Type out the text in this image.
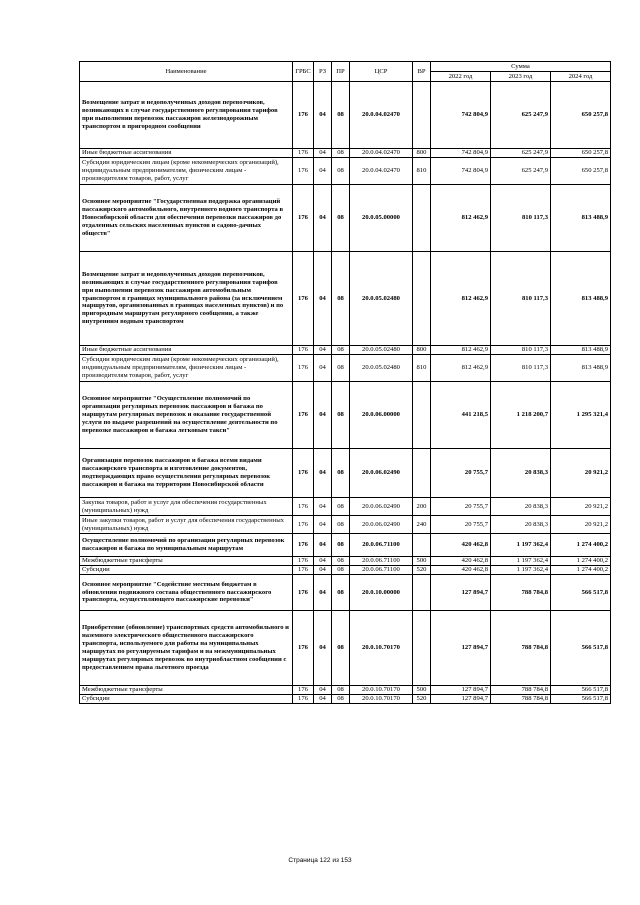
Наименование	ГРБС	РЗ	ПР	ЦСР	ВР	Сумма		
						2022 год	2023 год	2024 год
Возмещение затрат и недополученных доходов перевозчиков, возникающих в случае государственного регулирования тарифов при выполнении перевозок пассажиров железнодорожным транспортом в пригородном сообщении	176	04	08	20.0.04.02470		742 804,9	625 247,9	650 257,8
Иные бюджетные ассигнования	176	04	08	20.0.04.02470	800	742 804,9	625 247,9	650 257,8
Субсидии юридическим лицам (кроме некоммерческих организаций), индивидуальным предпринимателям, физическим лицам - производителям товаров, работ, услуг	176	04	08	20.0.04.02470	810	742 804,9	625 247,9	650 257,8
Основное мероприятие "Государственная поддержка организаций пассажирского автомобильного, внутреннего водного транспорта в Новосибирской области для обеспечения перевозки пассажиров до отдаленных сельских населенных пунктов и садово-дачных обществ"	176	04	08	20.0.05.00000		812 462,9	810 117,3	813 488,9
Возмещение затрат и недополученных доходов перевозчиков, возникающих в случае государственного регулирования тарифов при выполнении перевозок пассажиров автомобильным транспортом в границах муниципального района (за исключением маршрутов, организованных в границах населенных пунктов) и по пригородным маршрутам регулярного сообщения, а также внутренним водным транспортом	176	04	08	20.0.05.02480		812 462,9	810 117,3	813 488,9
Иные бюджетные ассигнования	176	04	08	20.0.05.02480	800	812 462,9	810 117,3	813 488,9
Субсидии юридическим лицам (кроме некоммерческих организаций), индивидуальным предпринимателям, физическим лицам - производителям товаров, работ, услуг	176	04	08	20.0.05.02480	810	812 462,9	810 117,3	813 488,9
Основное мероприятие "Осуществление полномочий по организации регулярных перевозок пассажиров и багажа по маршрутам регулярных перевозок и оказание государственной услуги по выдаче разрешений на осуществление деятельности по перевозке пассажиров и багажа легковым такси"	176	04	08	20.0.06.00000		441 218,5	1 218 200,7	1 295 321,4
Организация перевозок пассажиров и багажа всеми видами пассажирского транспорта и изготовление документов, подтверждающих право осуществления регулярных перевозок пассажиров и багажа на территории Новосибирской области	176	04	08	20.0.06.02490		20 755,7	20 838,3	20 921,2
Закупка товаров, работ и услуг для обеспечения государственных (муниципальных) нужд	176	04	08	20.0.06.02490	200	20 755,7	20 838,3	20 921,2
Иные закупки товаров, работ и услуг для обеспечения государственных (муниципальных) нужд	176	04	08	20.0.06.02490	240	20 755,7	20 838,3	20 921,2
Осуществление полномочий по организации регулярных перевозок пассажиров и багажа по муниципальным маршрутам	176	04	08	20.0.06.71100		420 462,8	1 197 362,4	1 274 400,2
Межбюджетные трансферты	176	04	08	20.0.06.71100	500	420 462,8	1 197 362,4	1 274 400,2
Субсидии	176	04	08	20.0.06.71100	520	420 462,8	1 197 362,4	1 274 400,2
Основное мероприятие "Содействие местным бюджетам в обновлении подвижного состава общественного пассажирского транспорта, осуществляющего пассажирские перевозки"	176	04	08	20.0.10.00000		127 894,7	788 784,8	566 517,8
Приобретение (обновление) транспортных средств автомобильного и наземного электрического общественного пассажирского транспорта, используемого для работы на муниципальных маршрутах по регулируемым тарифам и на межмуниципальных маршрутах регулярных перевозок во внутриобластном сообщении с предоставлением права льготного проезда	176	04	08	20.0.10.70170		127 894,7	788 784,8	566 517,8
Межбюджетные трансферты	176	04	08	20.0.10.70170	500	127 894,7	788 784,8	566 517,8
Субсидии	176	04	08	20.0.10.70170	520	127 894,7	788 784,8	566 517,8
Страница 122 из 153
